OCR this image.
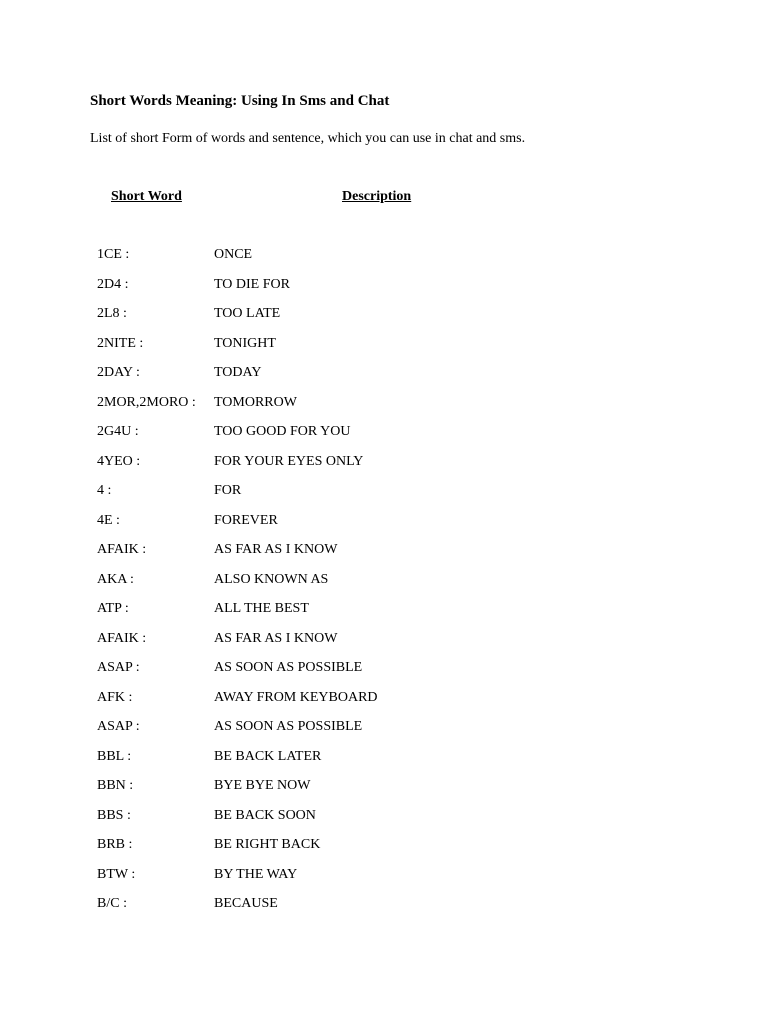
Short Words Meaning: Using In Sms and Chat
List of short Form of words and sentence, which you can use in chat and sms.
Short Word	Description
1CE :	ONCE
2D4 :	TO DIE FOR
2L8 :	TOO LATE
2NITE :	TONIGHT
2DAY :	TODAY
2MOR,2MORO : TOMORROW
2G4U :	TOO GOOD FOR YOU
4YEO :	FOR YOUR EYES ONLY
4 :	FOR
4E :	FOREVER
AFAIK :	AS FAR AS I KNOW
AKA :	ALSO KNOWN AS
ATP :	ALL THE BEST
AFAIK :	AS FAR AS I KNOW
ASAP :	AS SOON AS POSSIBLE
AFK :	AWAY FROM KEYBOARD
ASAP :	AS SOON AS POSSIBLE
BBL :	BE BACK LATER
BBN :	BYE BYE NOW
BBS :	BE BACK SOON
BRB :	BE RIGHT BACK
BTW :	BY THE WAY
B/C :	BECAUSE
